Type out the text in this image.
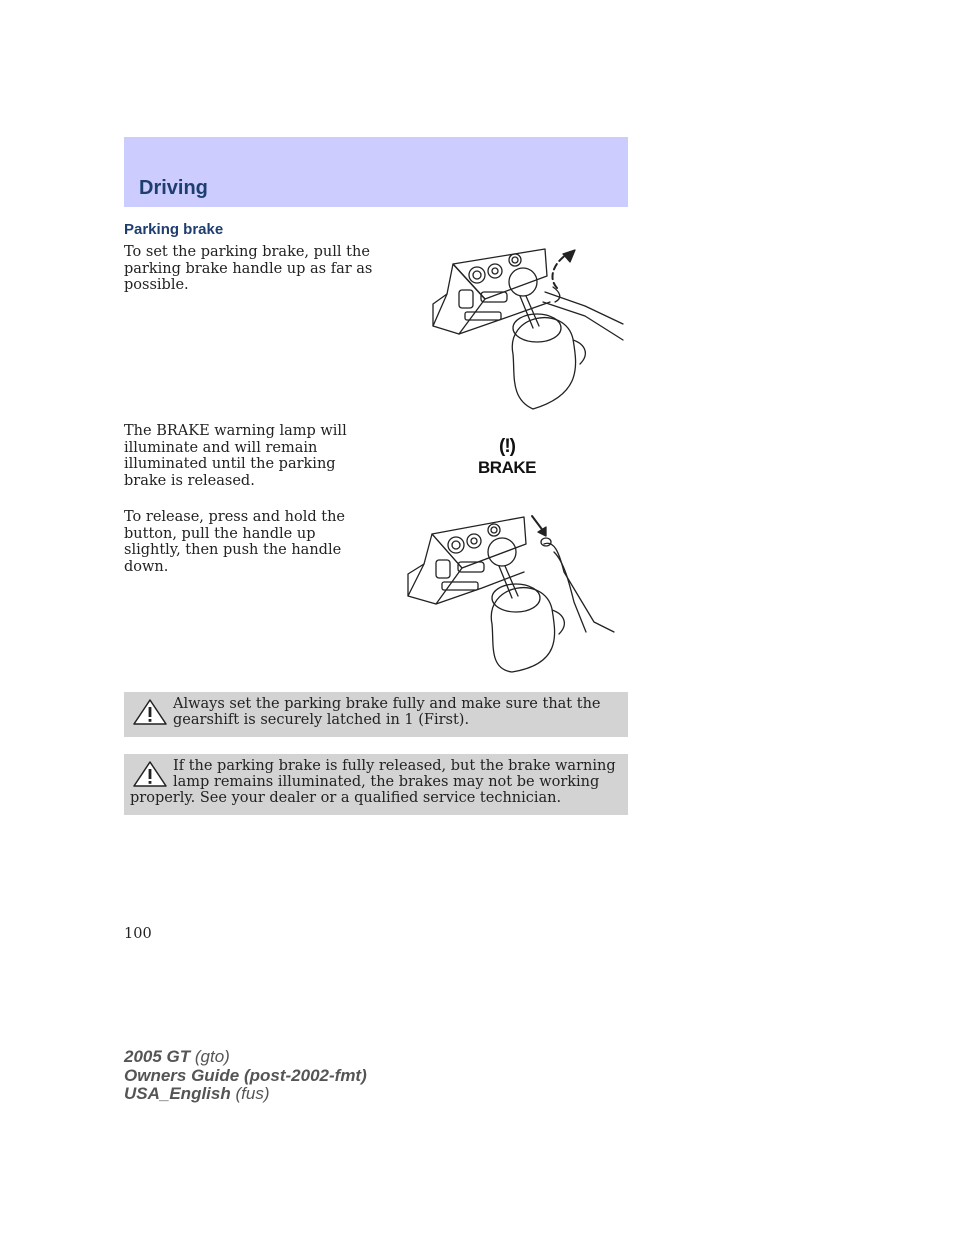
Driving
Parking brake
To set the parking brake, pull the parking brake handle up as far as possible.
The BRAKE warning lamp will illuminate and will remain illuminated until the parking brake is released.
(!)
BRAKE
To release, press and hold the button, pull the handle up slightly, then push the handle down.
Always set the parking brake fully and make sure that the gearshift is securely latched in 1 (First).
If the parking brake is fully released, but the brake warning lamp remains illuminated, the brakes may not be working properly. See your dealer or a qualified service technician.
100
2005 GT (gto)
Owners Guide (post-2002-fmt)
USA_English (fus)
